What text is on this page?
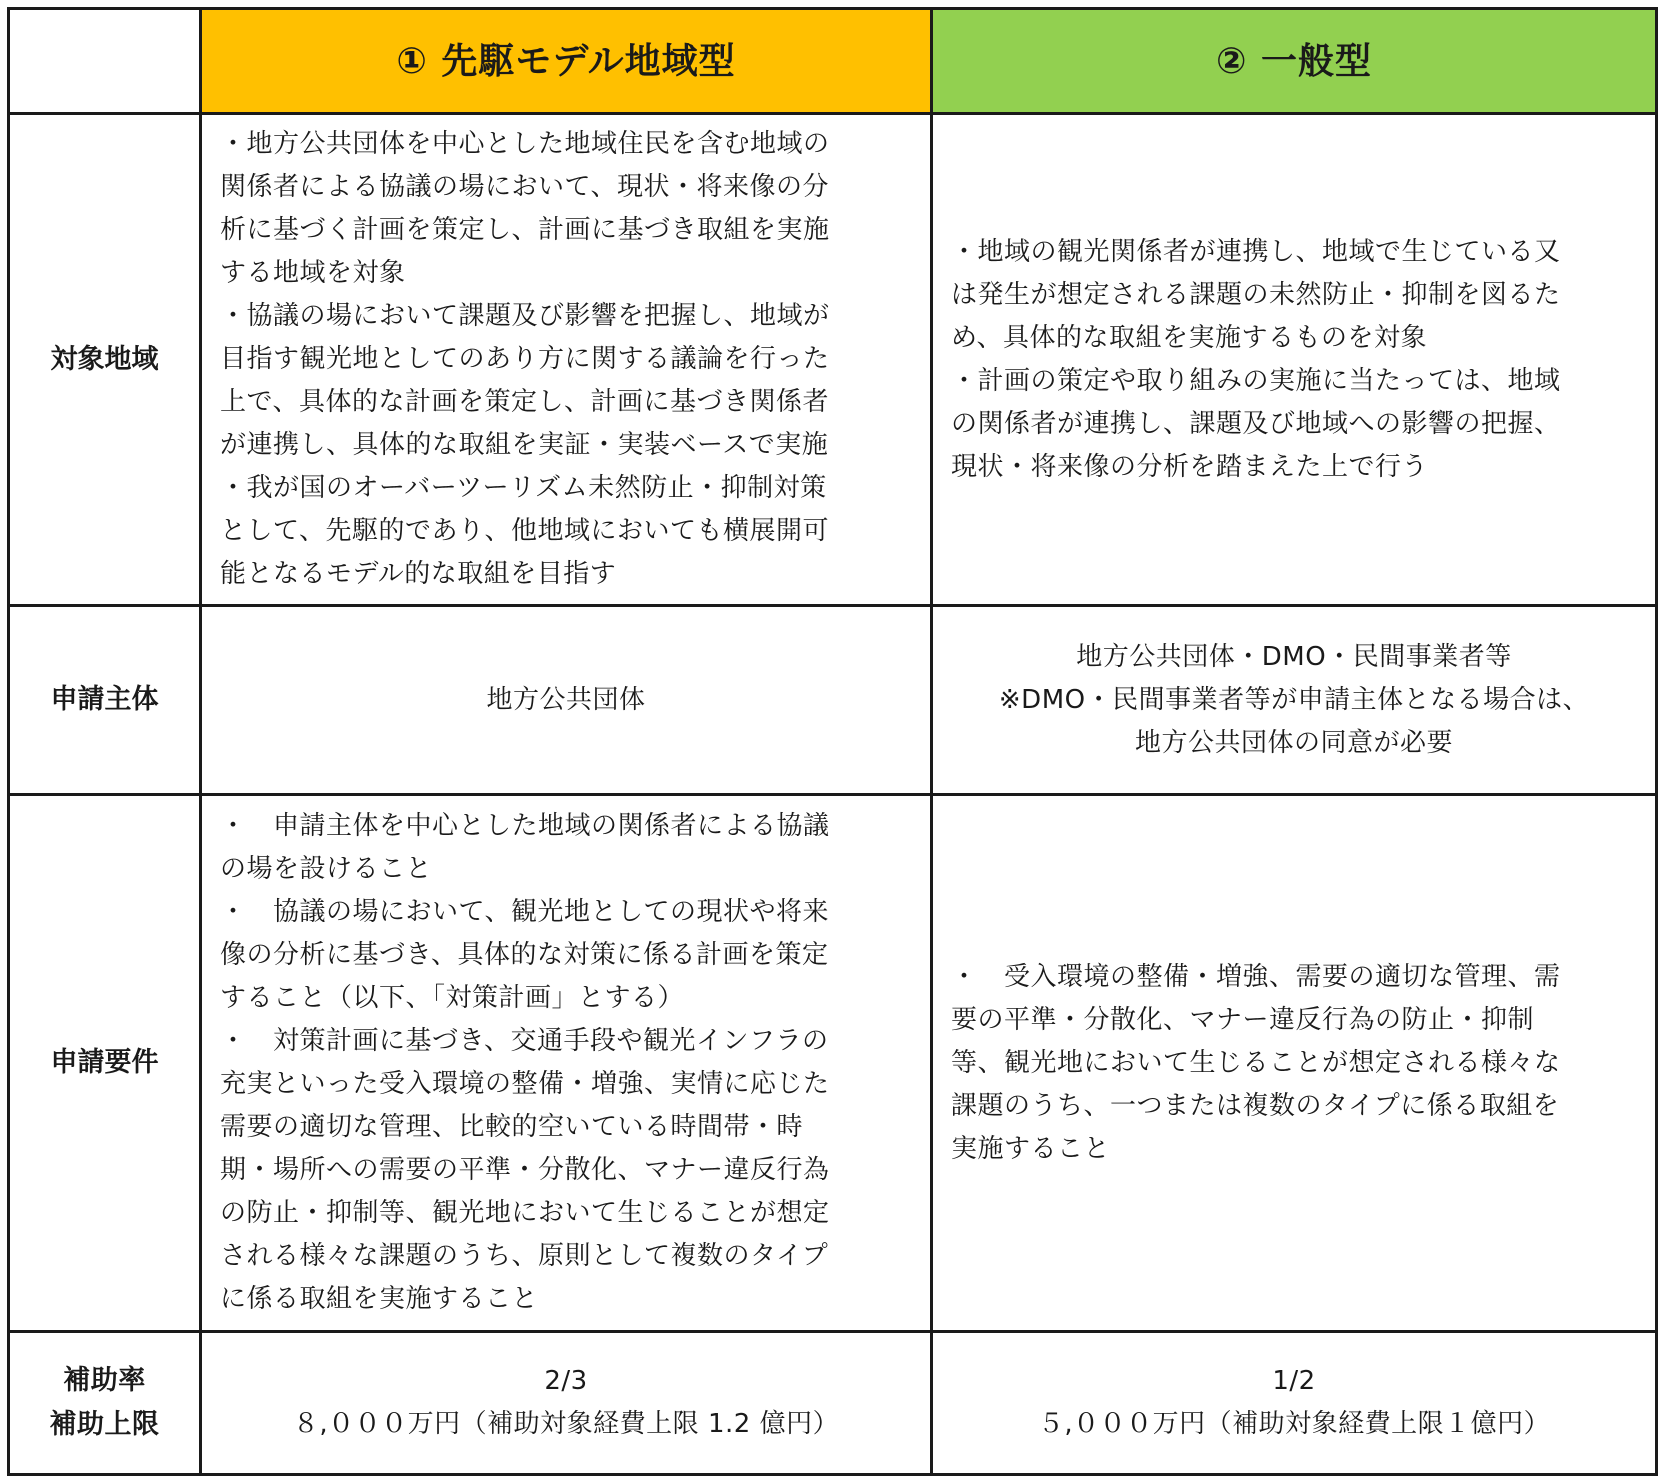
① 先駆モデル地域型	② 一般型
対象地域
・地方公共団体を中心とした地域住民を含む地域の
関係者による協議の場において、現状・将来像の分
析に基づく計画を策定し、計画に基づき取組を実施
する地域を対象
・協議の場において課題及び影響を把握し、地域が
目指す観光地としてのあり方に関する議論を行った
上で、具体的な計画を策定し、計画に基づき関係者
が連携し、具体的な取組を実証・実装ベースで実施
・我が国のオーバーツーリズム未然防止・抑制対策
として、先駆的であり、他地域においても横展開可
能となるモデル的な取組を目指す
・地域の観光関係者が連携し、地域で生じている又
は発生が想定される課題の未然防止・抑制を図るた
め、具体的な取組を実施するものを対象
・計画の策定や取り組みの実施に当たっては、地域
の関係者が連携し、課題及び地域への影響の把握、
現状・将来像の分析を踏まえた上で行う
申請主体	地方公共団体
地方公共団体・DMO・民間事業者等
※DMO・民間事業者等が申請主体となる場合は、
地方公共団体の同意が必要
申請要件
・　申請主体を中心とした地域の関係者による協議
の場を設けること
・　協議の場において、観光地としての現状や将来
像の分析に基づき、具体的な対策に係る計画を策定
すること（以下、「対策計画」とする）
・　対策計画に基づき、交通手段や観光インフラの
充実といった受入環境の整備・増強、実情に応じた
需要の適切な管理、比較的空いている時間帯・時
期・場所への需要の平準・分散化、マナー違反行為
の防止・抑制等、観光地において生じることが想定
される様々な課題のうち、原則として複数のタイプ
に係る取組を実施すること
・　受入環境の整備・増強、需要の適切な管理、需
要の平準・分散化、マナー違反行為の防止・抑制
等、観光地において生じることが想定される様々な
課題のうち、一つまたは複数のタイプに係る取組を
実施すること
補助率
補助上限
2/3
８,０００万円（補助対象経費上限 1.2 億円）
1/2
５,０００万円（補助対象経費上限１億円）
